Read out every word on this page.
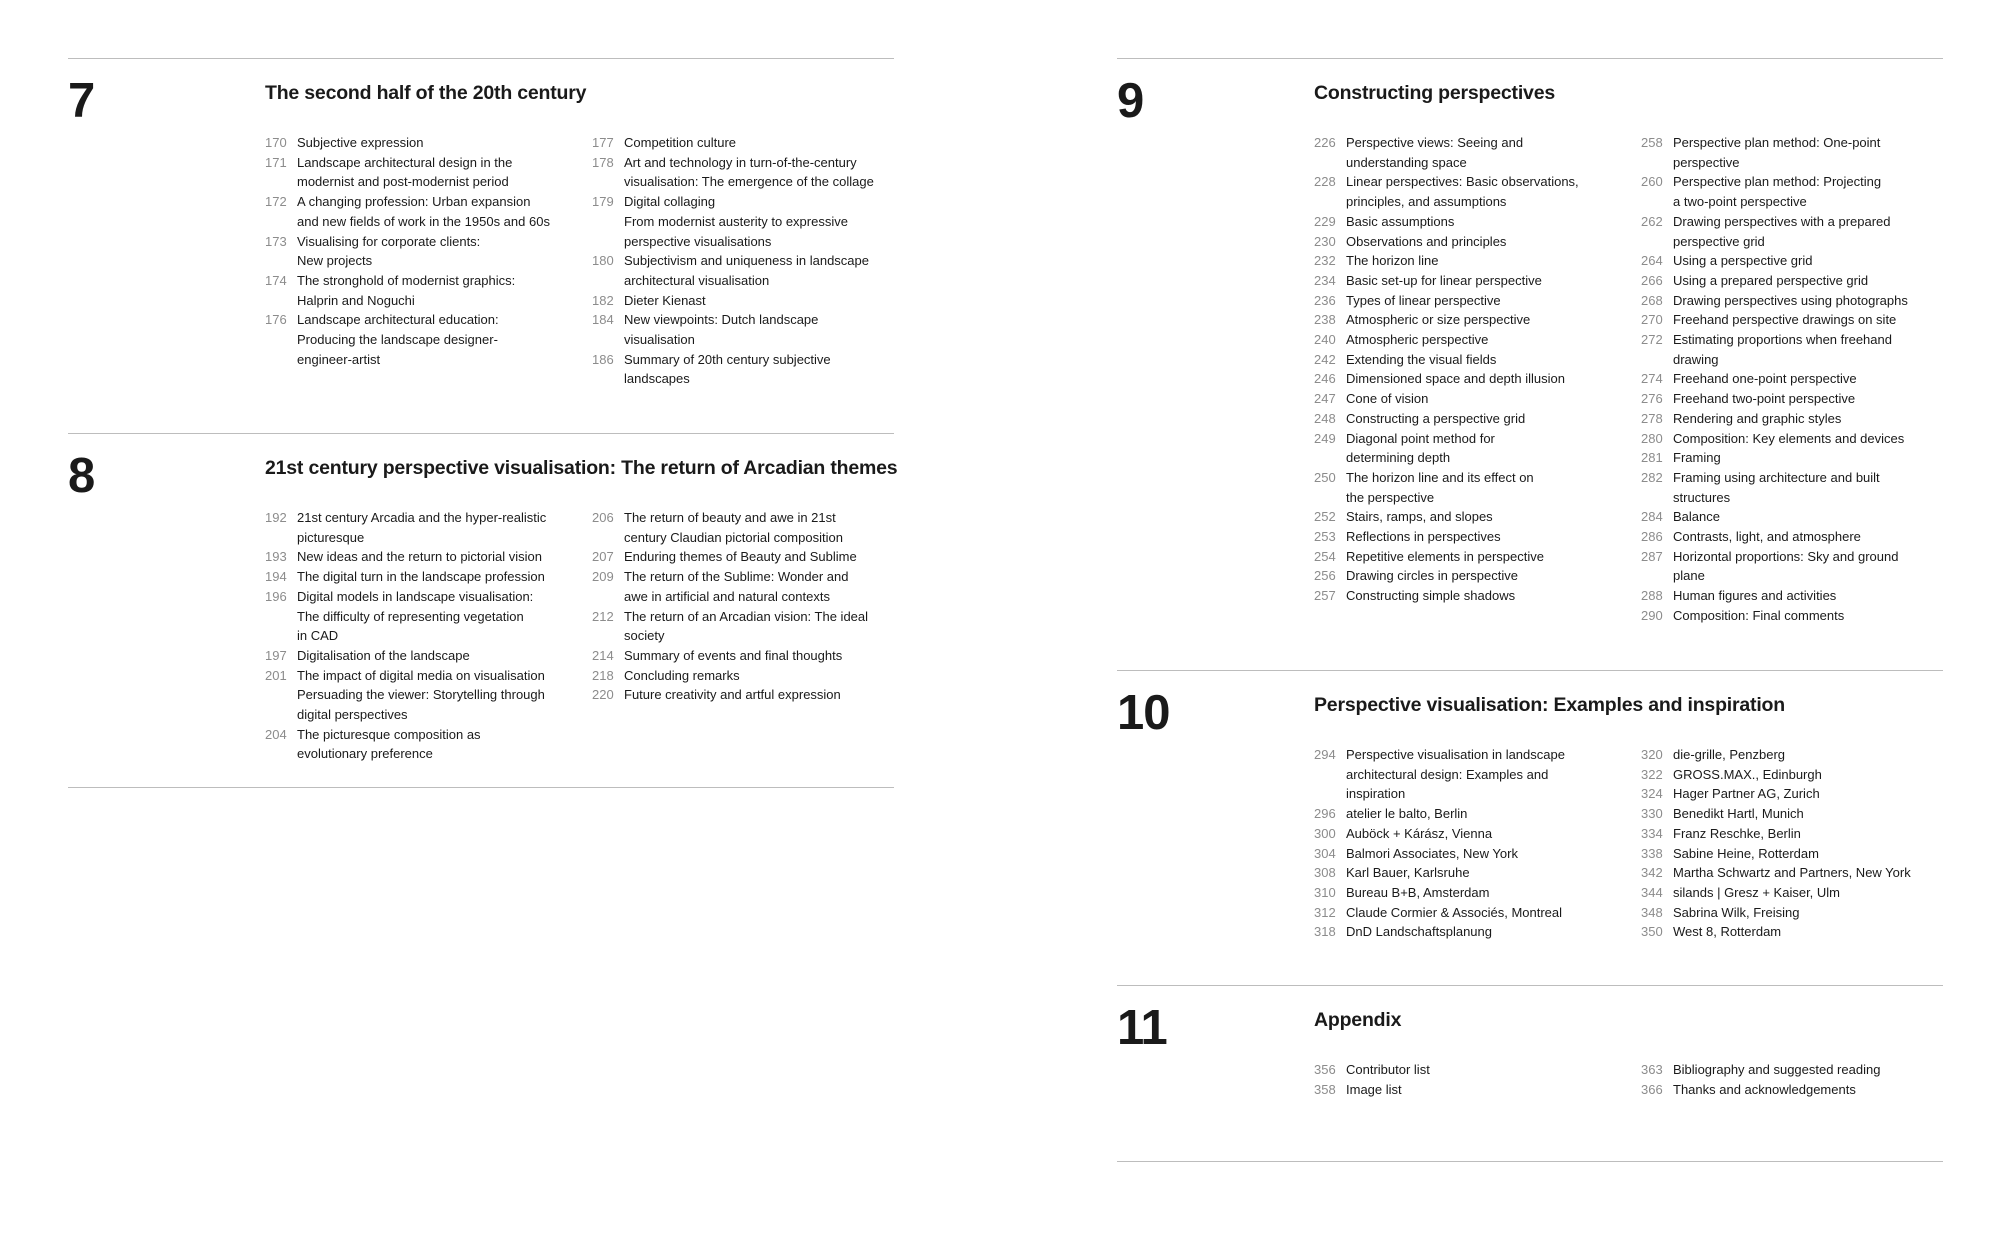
7	The second half of the 20th century
170 Subjective expression
171 Landscape architectural design in the
modernist and post-modernist period
172 A changing profession: Urban expansion
and new fields of work in the 1950s and 60s
173 Visualising for corporate clients:
New projects
174 The stronghold of modernist graphics:
Halprin and Noguchi
176 Landscape architectural education:
Producing the landscape designer-
engineer-artist
177 Competition culture
178 Art and technology in turn-of-the-century
visualisation: The emergence of the collage
179 Digital collaging
From modernist austerity to expressive
perspective visualisations
180 Subjectivism and uniqueness in landscape
architectural visualisation
182 Dieter Kienast
184 New viewpoints: Dutch landscape
visualisation
186 Summary of 20th century subjective
landscapes
8	21st century perspective visualisation: The return of Arcadian themes
192 21st century Arcadia and the hyper-realistic
picturesque
193 New ideas and the return to pictorial vision
194 The digital turn in the landscape profession
196 Digital models in landscape visualisation:
The difficulty of representing vegetation
in CAD
197 Digitalisation of the landscape
201 The impact of digital media on visualisation
Persuading the viewer: Storytelling through
digital perspectives
204 The picturesque composition as
evolutionary preference
206 The return of beauty and awe in 21st
century Claudian pictorial composition
207 Enduring themes of Beauty and Sublime
209 The return of the Sublime: Wonder and
awe in artificial and natural contexts
212 The return of an Arcadian vision: The ideal
society
214 Summary of events and final thoughts
218 Concluding remarks
220 Future creativity and artful expression
9	Constructing perspectives
226 Perspective views: Seeing and
understanding space
228 Linear perspectives: Basic observations,
principles, and assumptions
229 Basic assumptions
230 Observations and principles
232 The horizon line
234 Basic set-up for linear perspective
236 Types of linear perspective
238 Atmospheric or size perspective
240 Atmospheric perspective
242 Extending the visual fields
246 Dimensioned space and depth illusion
247 Cone of vision
248 Constructing a perspective grid
249 Diagonal point method for
determining depth
250 The horizon line and its effect on
the perspective
252 Stairs, ramps, and slopes
253 Reflections in perspectives
254 Repetitive elements in perspective
256 Drawing circles in perspective
257 Constructing simple shadows
258 Perspective plan method: One-point
perspective
260 Perspective plan method: Projecting
a two-point perspective
262 Drawing perspectives with a prepared
perspective grid
264 Using a perspective grid
266 Using a prepared perspective grid
268 Drawing perspectives using photographs
270 Freehand perspective drawings on site
272 Estimating proportions when freehand
drawing
274 Freehand one-point perspective
276 Freehand two-point perspective
278 Rendering and graphic styles
280 Composition: Key elements and devices
281 Framing
282 Framing using architecture and built
structures
284 Balance
286 Contrasts, light, and atmosphere
287 Horizontal proportions: Sky and ground
plane
288 Human figures and activities
290 Composition: Final comments
10	Perspective visualisation: Examples and inspiration
294 Perspective visualisation in landscape
architectural design: Examples and
inspiration
296 atelier le balto, Berlin
300 Auböck + Kárász, Vienna
304 Balmori Associates, New York
308 Karl Bauer, Karlsruhe
310 Bureau B+B, Amsterdam
312 Claude Cormier & Associés, Montreal
318 DnD Landschaftsplanung
320 die-grille, Penzberg
322 GROSS.MAX., Edinburgh
324 Hager Partner AG, Zurich
330 Benedikt Hartl, Munich
334 Franz Reschke, Berlin
338 Sabine Heine, Rotterdam
342 Martha Schwartz and Partners, New York
344 silands | Gresz + Kaiser, Ulm
348 Sabrina Wilk, Freising
350 West 8, Rotterdam
11	Appendix
356 Contributor list
358 Image list
363 Bibliography and suggested reading
366 Thanks and acknowledgements
